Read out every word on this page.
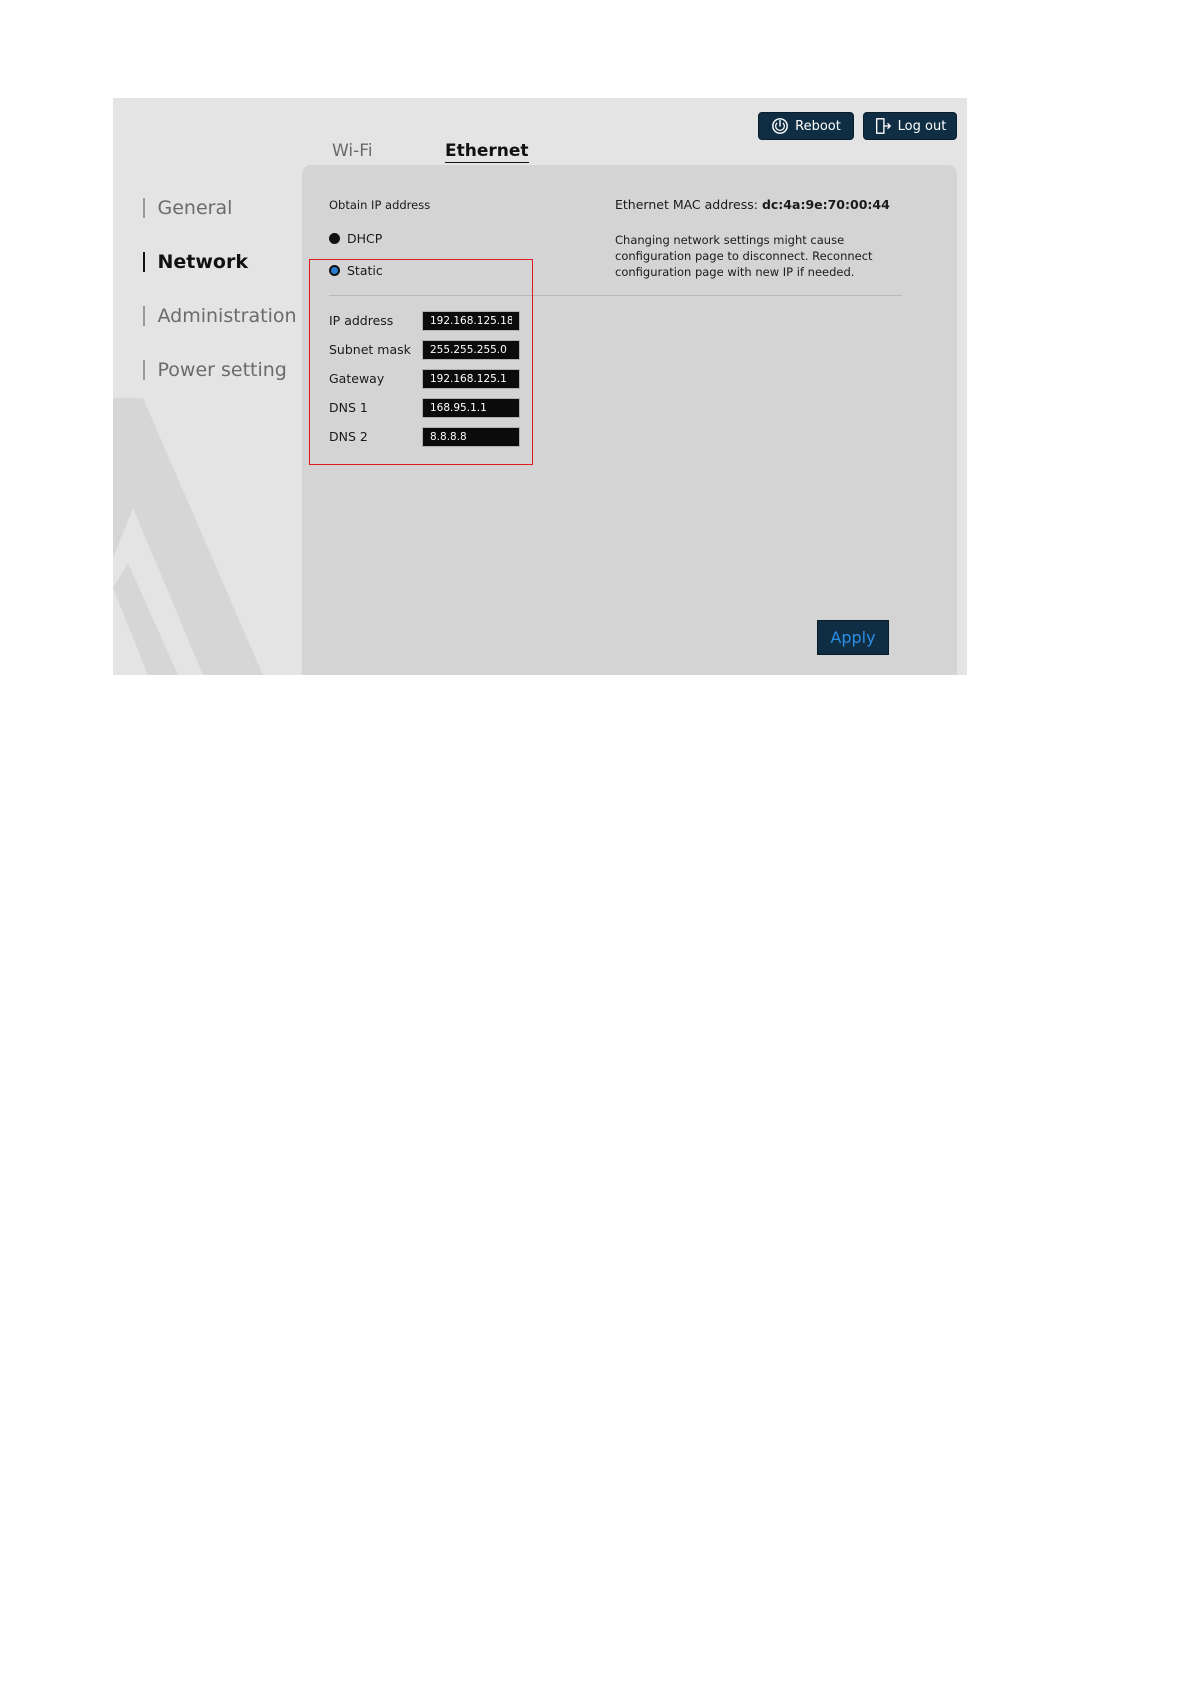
General
Network
Administration
Power setting
Wi-Fi	Ethernet
Reboot	Log out
Obtain IP address
DHCP
Static
Ethernet MAC address: dc:4a:9e:70:00:44
Changing network settings might cause
configuration page to disconnect. Reconnect
configuration page with new IP if needed.
IP address
192.168.125.187
Subnet mask
255.255.255.0
Gateway
192.168.125.1
DNS 1
168.95.1.1
DNS 2
8.8.8.8
Apply
